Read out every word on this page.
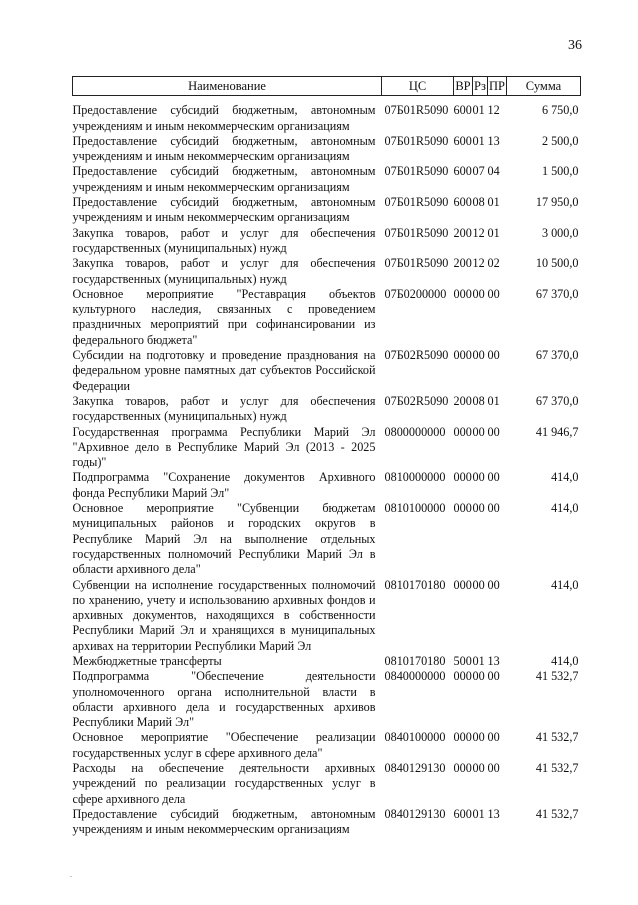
36
Наименование	ЦС	ВР	Рз	ПР	Сумма
Предоставление субсидий бюджетным, автономным учреждениям и иным некоммерческим организациям	07Б01R5090	600	01	12	6 750,0
Предоставление субсидий бюджетным, автономным учреждениям и иным некоммерческим организациям	07Б01R5090	600	01	13	2 500,0
Предоставление субсидий бюджетным, автономным учреждениям и иным некоммерческим организациям	07Б01R5090	600	07	04	1 500,0
Предоставление субсидий бюджетным, автономным учреждениям и иным некоммерческим организациям	07Б01R5090	600	08	01	17 950,0
Закупка товаров, работ и услуг для обеспечения государственных (муниципальных) нужд	07Б01R5090	200	12	01	3 000,0
Закупка товаров, работ и услуг для обеспечения государственных (муниципальных) нужд	07Б01R5090	200	12	02	10 500,0
Основное мероприятие "Реставрация объектов культурного наследия, связанных с проведением праздничных мероприятий при софинансировании из федерального бюджета"	07Б0200000	000	00	00	67 370,0
Субсидии на подготовку и проведение празднования на федеральном уровне памятных дат субъектов Российской Федерации	07Б02R5090	000	00	00	67 370,0
Закупка товаров, работ и услуг для обеспечения государственных (муниципальных) нужд	07Б02R5090	200	08	01	67 370,0
Государственная программа Республики Марий Эл "Архивное дело в Республике Марий Эл (2013 - 2025 годы)"	0800000000	000	00	00	41 946,7
Подпрограмма "Сохранение документов Архивного фонда Республики Марий Эл"	0810000000	000	00	00	414,0
Основное мероприятие "Субвенции бюджетам муниципальных районов и городских округов в Республике Марий Эл на выполнение отдельных государственных полномочий Республики Марий Эл в области архивного дела"	0810100000	000	00	00	414,0
Субвенции на исполнение государственных полномочий по хранению, учету и использованию архивных фондов и архивных документов, находящихся в собственности Республики Марий Эл и хранящихся в муниципальных архивах на территории Республики Марий Эл	0810170180	000	00	00	414,0
Межбюджетные трансферты	0810170180	500	01	13	414,0
Подпрограмма "Обеспечение деятельности уполномоченного органа исполнительной власти в области архивного дела и государственных архивов Республики Марий Эл"	0840000000	000	00	00	41 532,7
Основное мероприятие "Обеспечение реализации государственных услуг в сфере архивного дела"	0840100000	000	00	00	41 532,7
Расходы на обеспечение деятельности архивных учреждений по реализации государственных услуг в сфере архивного дела	0840129130	000	00	00	41 532,7
Предоставление субсидий бюджетным, автономным учреждениям и иным некоммерческим организациям	0840129130	600	01	13	41 532,7
